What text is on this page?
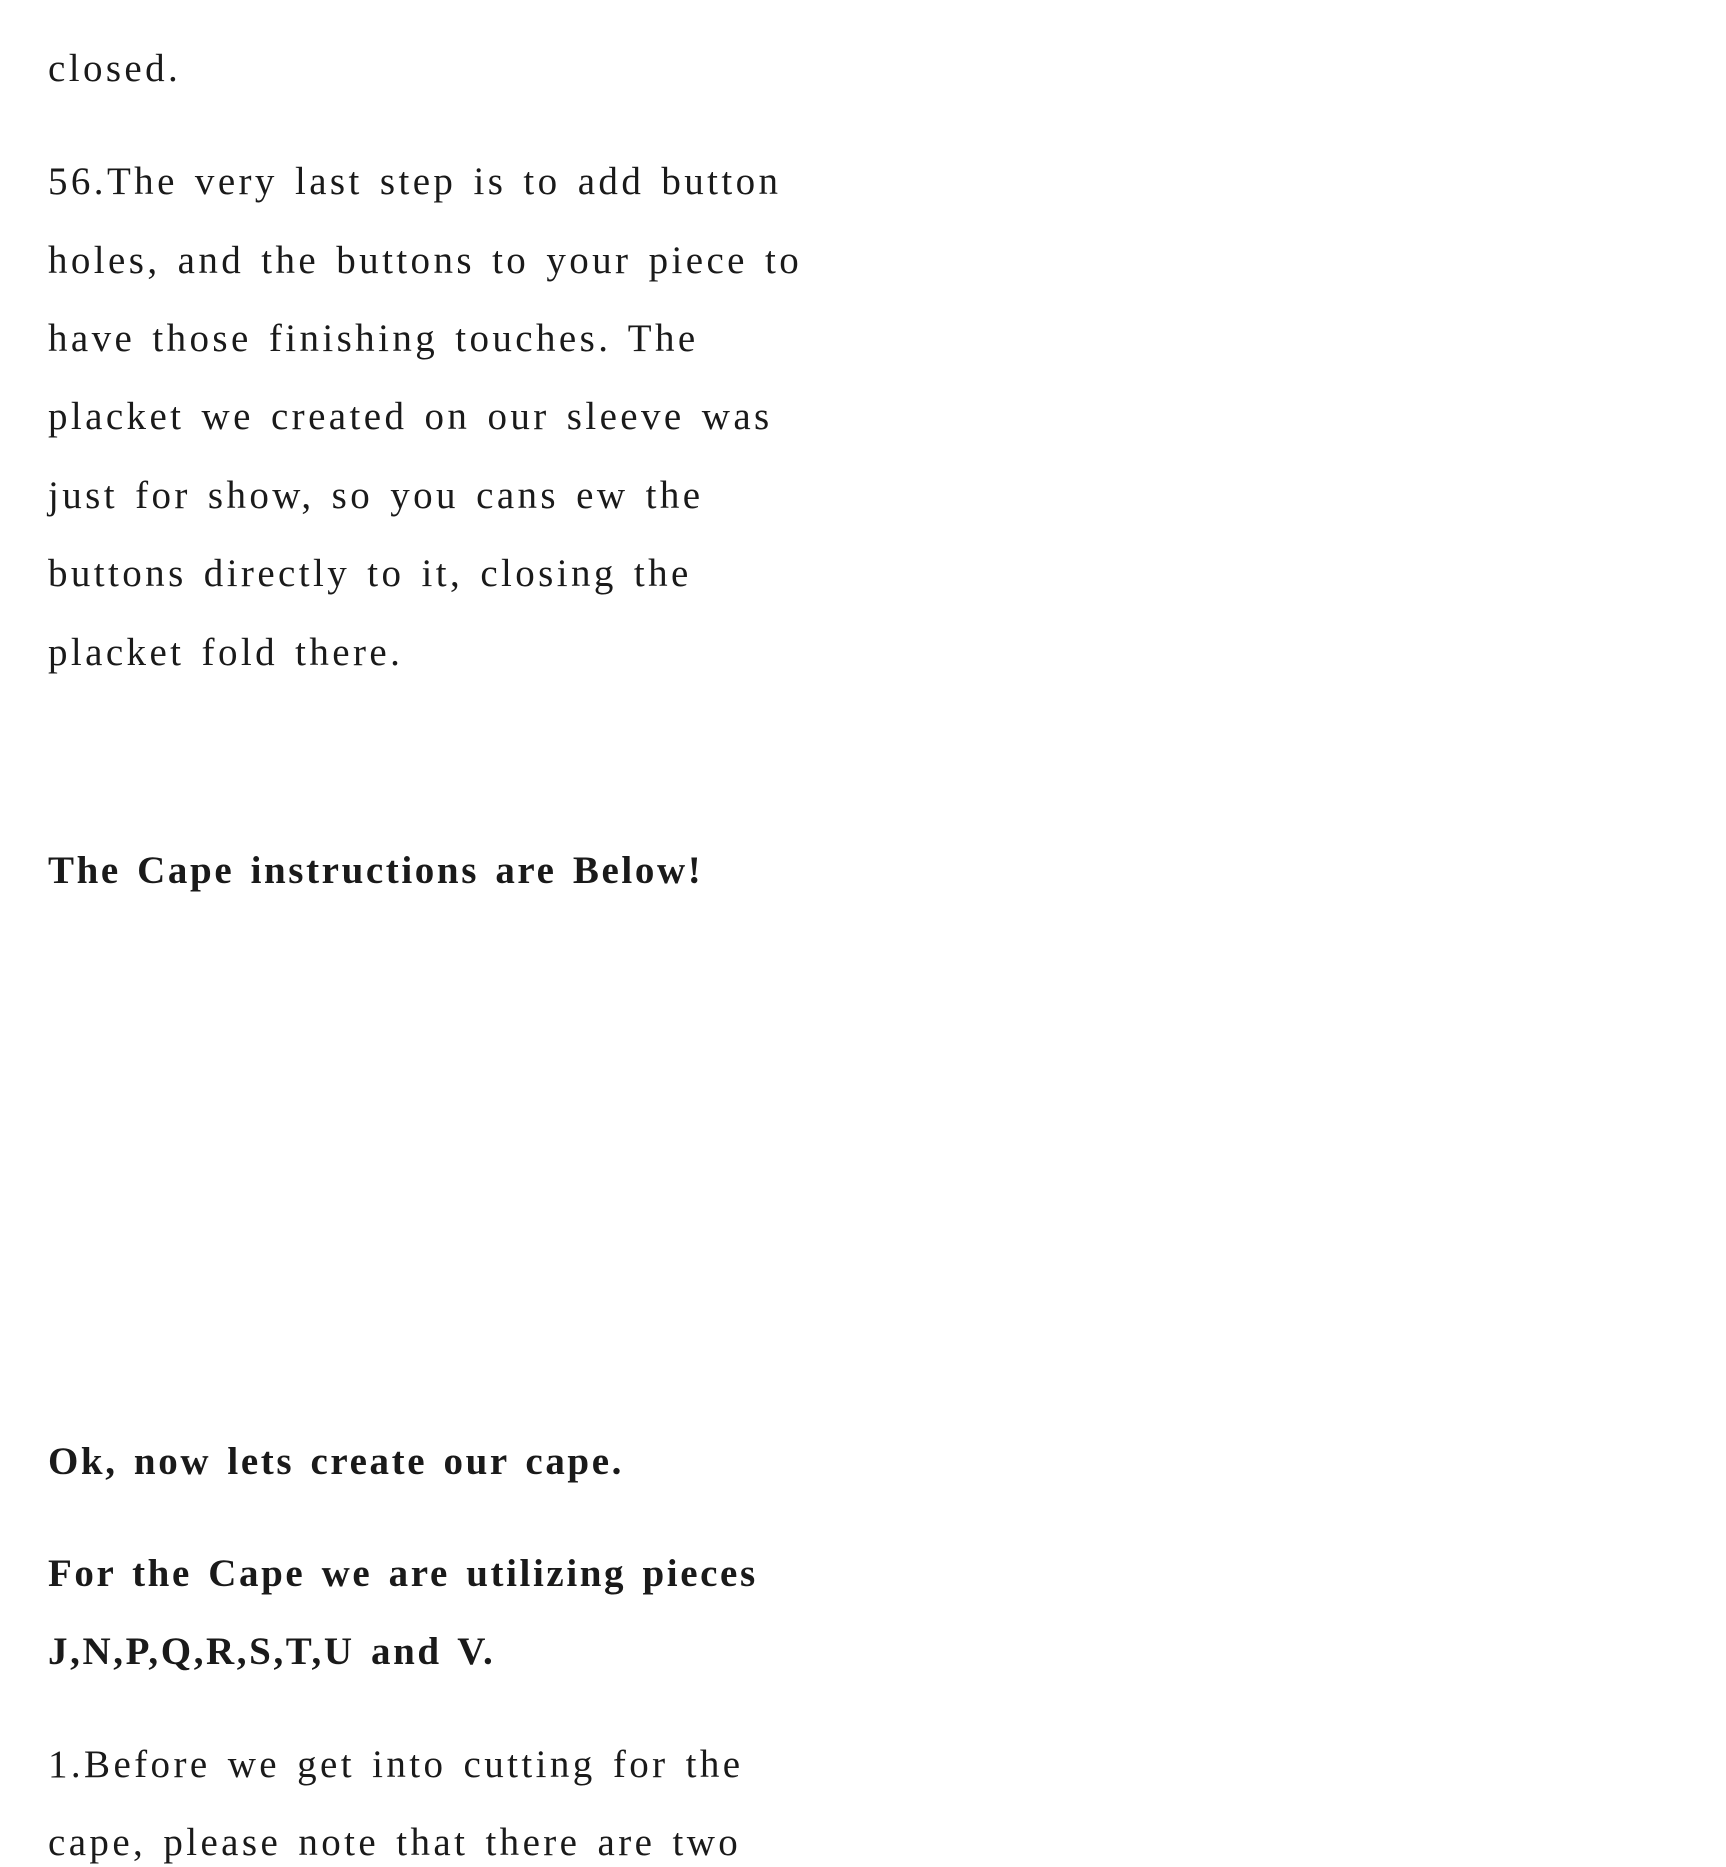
closed.

56.The very last step is to add button

holes, and the buttons to your piece to

have those finishing touches. The

placket we created on our sleeve was

just for show, so you cans ew the

buttons directly to it, closing the

placket fold there.

The Cape instructions are Below!

Ok, now lets create our cape.

For the Cape we are utilizing pieces

J,N,P,Q,R,S,T,U and V.

1.Before we get into cutting for the

cape, please note that there are two
